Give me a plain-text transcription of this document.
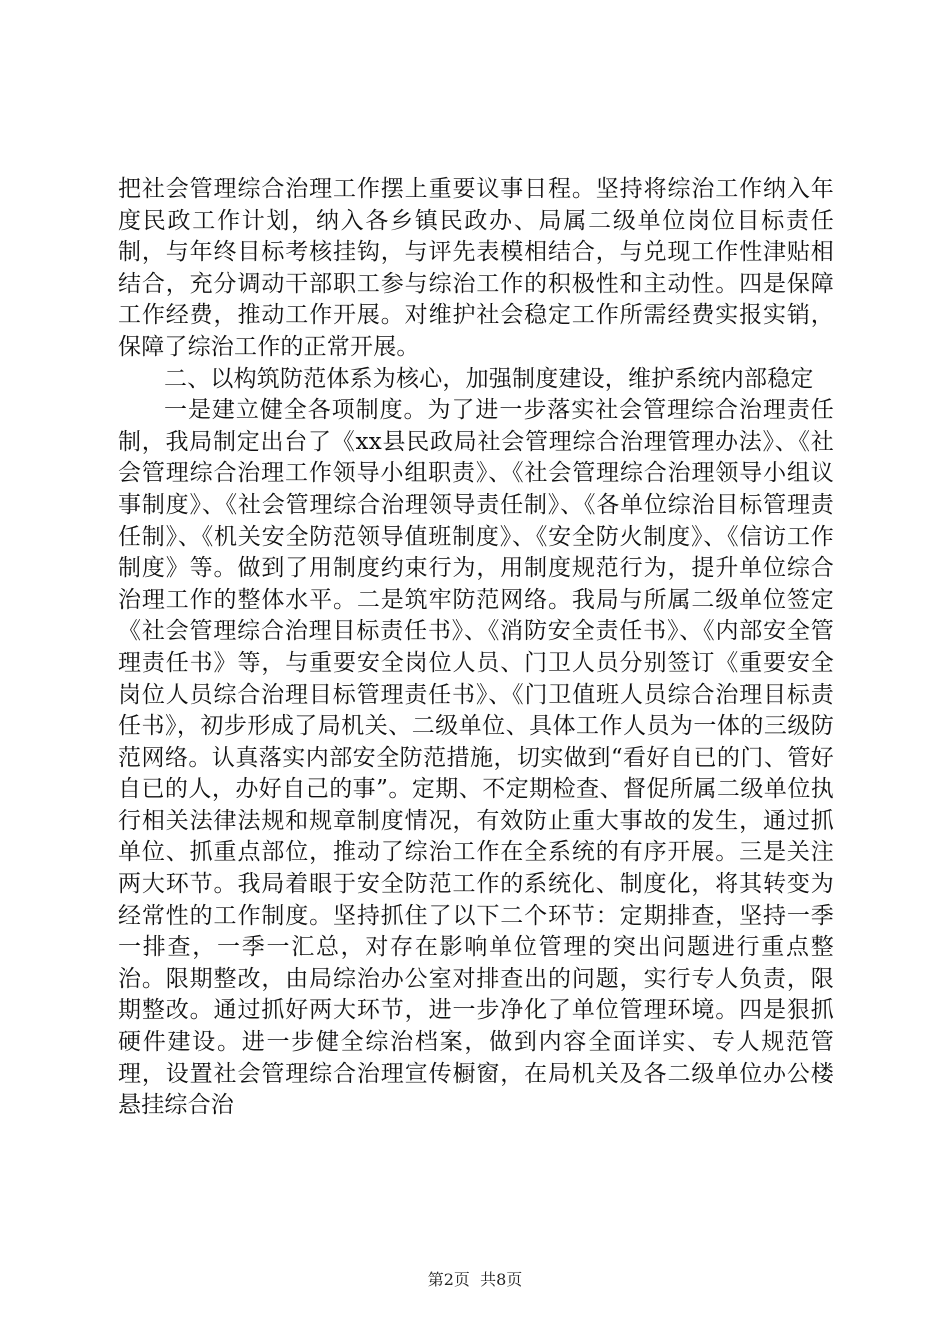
把社会管理综合治理工作摆上重要议事日程。坚持将综治工作纳入年度民政工作计划，纳入各乡镇民政办、局属二级单位岗位目标责任制，与年终目标考核挂钩，与评先表模相结合，与兑现工作性津贴相结合，充分调动干部职工参与综治工作的积极性和主动性。四是保障工作经费，推动工作开展。对维护社会稳定工作所需经费实报实销，保障了综治工作的正常开展。

二、以构筑防范体系为核心，加强制度建设，维护系统内部稳定

一是建立健全各项制度。为了进一步落实社会管理综合治理责任制，我局制定出台了《xx县民政局社会管理综合治理管理办法》、《社会管理综合治理工作领导小组职责》、《社会管理综合治理领导小组议事制度》、《社会管理综合治理领导责任制》、《各单位综治目标管理责任制》、《机关安全防范领导值班制度》、《安全防火制度》、《信访工作制度》等。做到了用制度约束行为，用制度规范行为，提升单位综合治理工作的整体水平。二是筑牢防范网络。我局与所属二级单位签定《社会管理综合治理目标责任书》、《消防安全责任书》、《内部安全管理责任书》等，与重要安全岗位人员、门卫人员分别签订《重要安全岗位人员综合治理目标管理责任书》、《门卫值班人员综合治理目标责任书》，初步形成了局机关、二级单位、具体工作人员为一体的三级防范网络。认真落实内部安全防范措施，切实做到“看好自已的门、管好自已的人，办好自己的事”。定期、不定期检查、督促所属二级单位执行相关法律法规和规章制度情况，有效防止重大事故的发生，通过抓单位、抓重点部位，推动了综治工作在全系统的有序开展。三是关注两大环节。我局着眼于安全防范工作的系统化、制度化，将其转变为经常性的工作制度。坚持抓住了以下二个环节：定期排查，坚持一季一排查，一季一汇总，对存在影响单位管理的突出问题进行重点整治。限期整改，由局综治办公室对排查出的问题，实行专人负责，限期整改。通过抓好两大环节，进一步净化了单位管理环境。四是狠抓硬件建设。进一步健全综治档案，做到内容全面详实、专人规范管理，设置社会管理综合治理宣传橱窗，在局机关及各二级单位办公楼悬挂综合治

第2页  共8页
